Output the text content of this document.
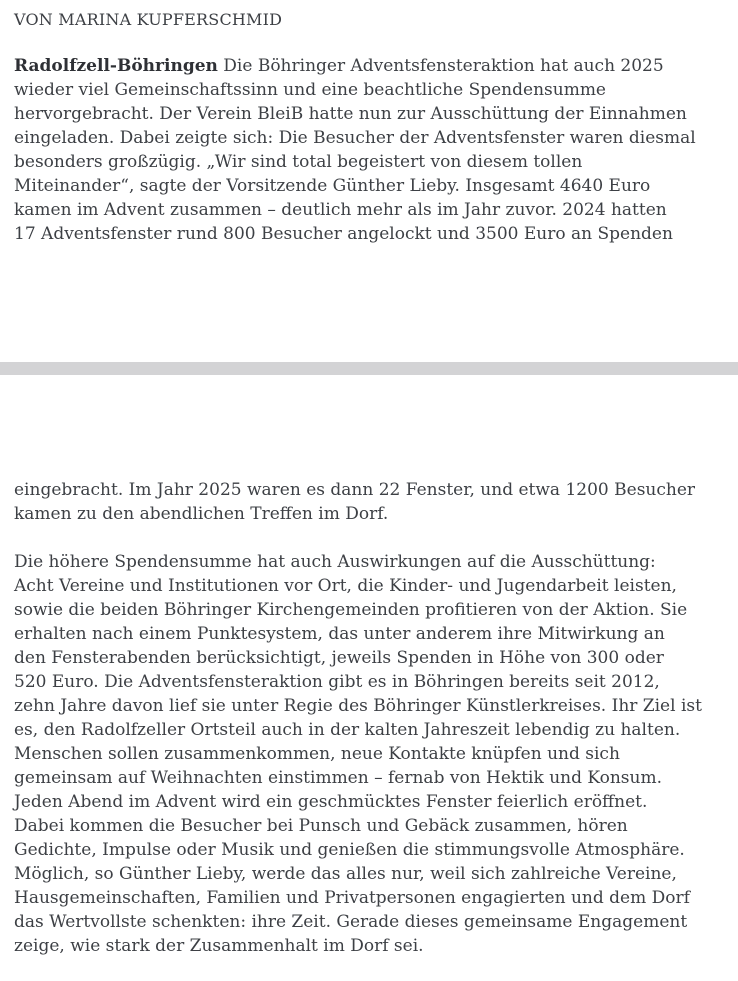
VON MARINA KUPFERSCHMID

Radolfzell-Böhringen Die Böhringer Adventsfensteraktion hat auch 2025
wieder viel Gemeinschaftssinn und eine beachtliche Spendensumme
hervorgebracht. Der Verein BleiB hatte nun zur Ausschüttung der Einnahmen
eingeladen. Dabei zeigte sich: Die Besucher der Adventsfenster waren diesmal
besonders großzügig. „Wir sind total begeistert von diesem tollen
Miteinander“, sagte der Vorsitzende Günther Lieby. Insgesamt 4640 Euro
kamen im Advent zusammen – deutlich mehr als im Jahr zuvor. 2024 hatten
17 Adventsfenster rund 800 Besucher angelockt und 3500 Euro an Spenden
eingebracht. Im Jahr 2025 waren es dann 22 Fenster, und etwa 1200 Besucher
kamen zu den abendlichen Treffen im Dorf.
Die höhere Spendensumme hat auch Auswirkungen auf die Ausschüttung:
Acht Vereine und Institutionen vor Ort, die Kinder- und Jugendarbeit leisten,
sowie die beiden Böhringer Kirchengemeinden profitieren von der Aktion. Sie
erhalten nach einem Punktesystem, das unter anderem ihre Mitwirkung an
den Fensterabenden berücksichtigt, jeweils Spenden in Höhe von 300 oder
520 Euro. Die Adventsfensteraktion gibt es in Böhringen bereits seit 2012,
zehn Jahre davon lief sie unter Regie des Böhringer Künstlerkreises. Ihr Ziel ist
es, den Radolfzeller Ortsteil auch in der kalten Jahreszeit lebendig zu halten.
Menschen sollen zusammenkommen, neue Kontakte knüpfen und sich
gemeinsam auf Weihnachten einstimmen – fernab von Hektik und Konsum.
Jeden Abend im Advent wird ein geschmücktes Fenster feierlich eröffnet.
Dabei kommen die Besucher bei Punsch und Gebäck zusammen, hören
Gedichte, Impulse oder Musik und genießen die stimmungsvolle Atmosphäre.
Möglich, so Günther Lieby, werde das alles nur, weil sich zahlreiche Vereine,
Hausgemeinschaften, Familien und Privatpersonen engagierten und dem Dorf
das Wertvollste schenkten: ihre Zeit. Gerade dieses gemeinsame Engagement
zeige, wie stark der Zusammenhalt im Dorf sei.
